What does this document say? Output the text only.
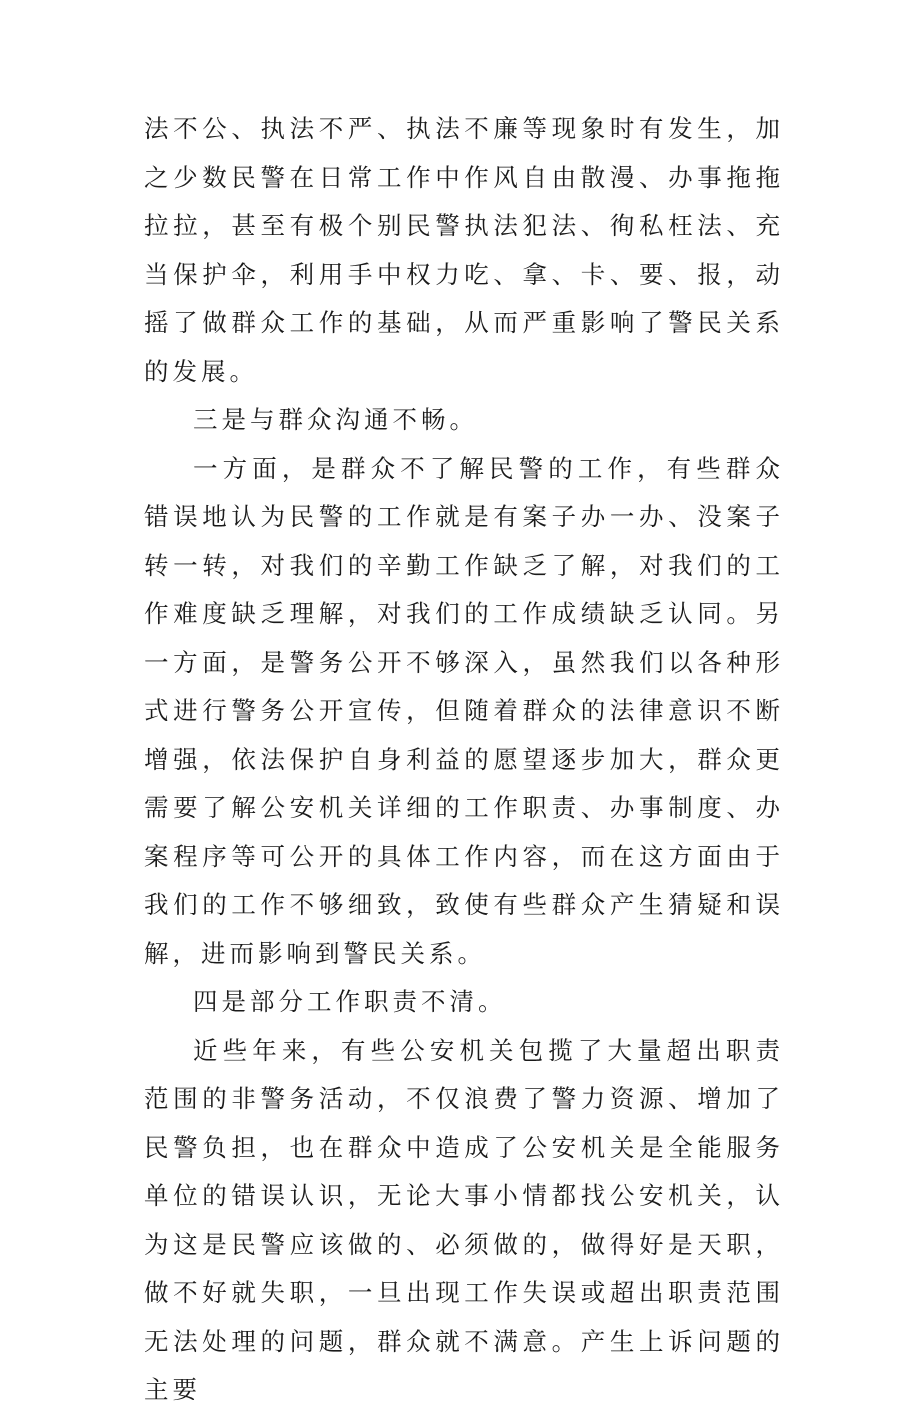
法不公、执法不严、执法不廉等现象时有发生，加之少数民警在日常工作中作风自由散漫、办事拖拖拉拉，甚至有极个别民警执法犯法、徇私枉法、充当保护伞，利用手中权力吃、拿、卡、要、报，动摇了做群众工作的基础，从而严重影响了警民关系的发展。

三是与群众沟通不畅。

一方面，是群众不了解民警的工作，有些群众错误地认为民警的工作就是有案子办一办、没案子转一转，对我们的辛勤工作缺乏了解，对我们的工作难度缺乏理解，对我们的工作成绩缺乏认同。另一方面，是警务公开不够深入，虽然我们以各种形式进行警务公开宣传，但随着群众的法律意识不断增强，依法保护自身利益的愿望逐步加大，群众更需要了解公安机关详细的工作职责、办事制度、办案程序等可公开的具体工作内容，而在这方面由于我们的工作不够细致，致使有些群众产生猜疑和误解，进而影响到警民关系。

四是部分工作职责不清。

近些年来，有些公安机关包揽了大量超出职责范围的非警务活动，不仅浪费了警力资源、增加了民警负担，也在群众中造成了公安机关是全能服务单位的错误认识，无论大事小情都找公安机关，认为这是民警应该做的、必须做的，做得好是天职，做不好就失职，一旦出现工作失误或超出职责范围无法处理的问题，群众就不满意。产生上诉问题的主要
